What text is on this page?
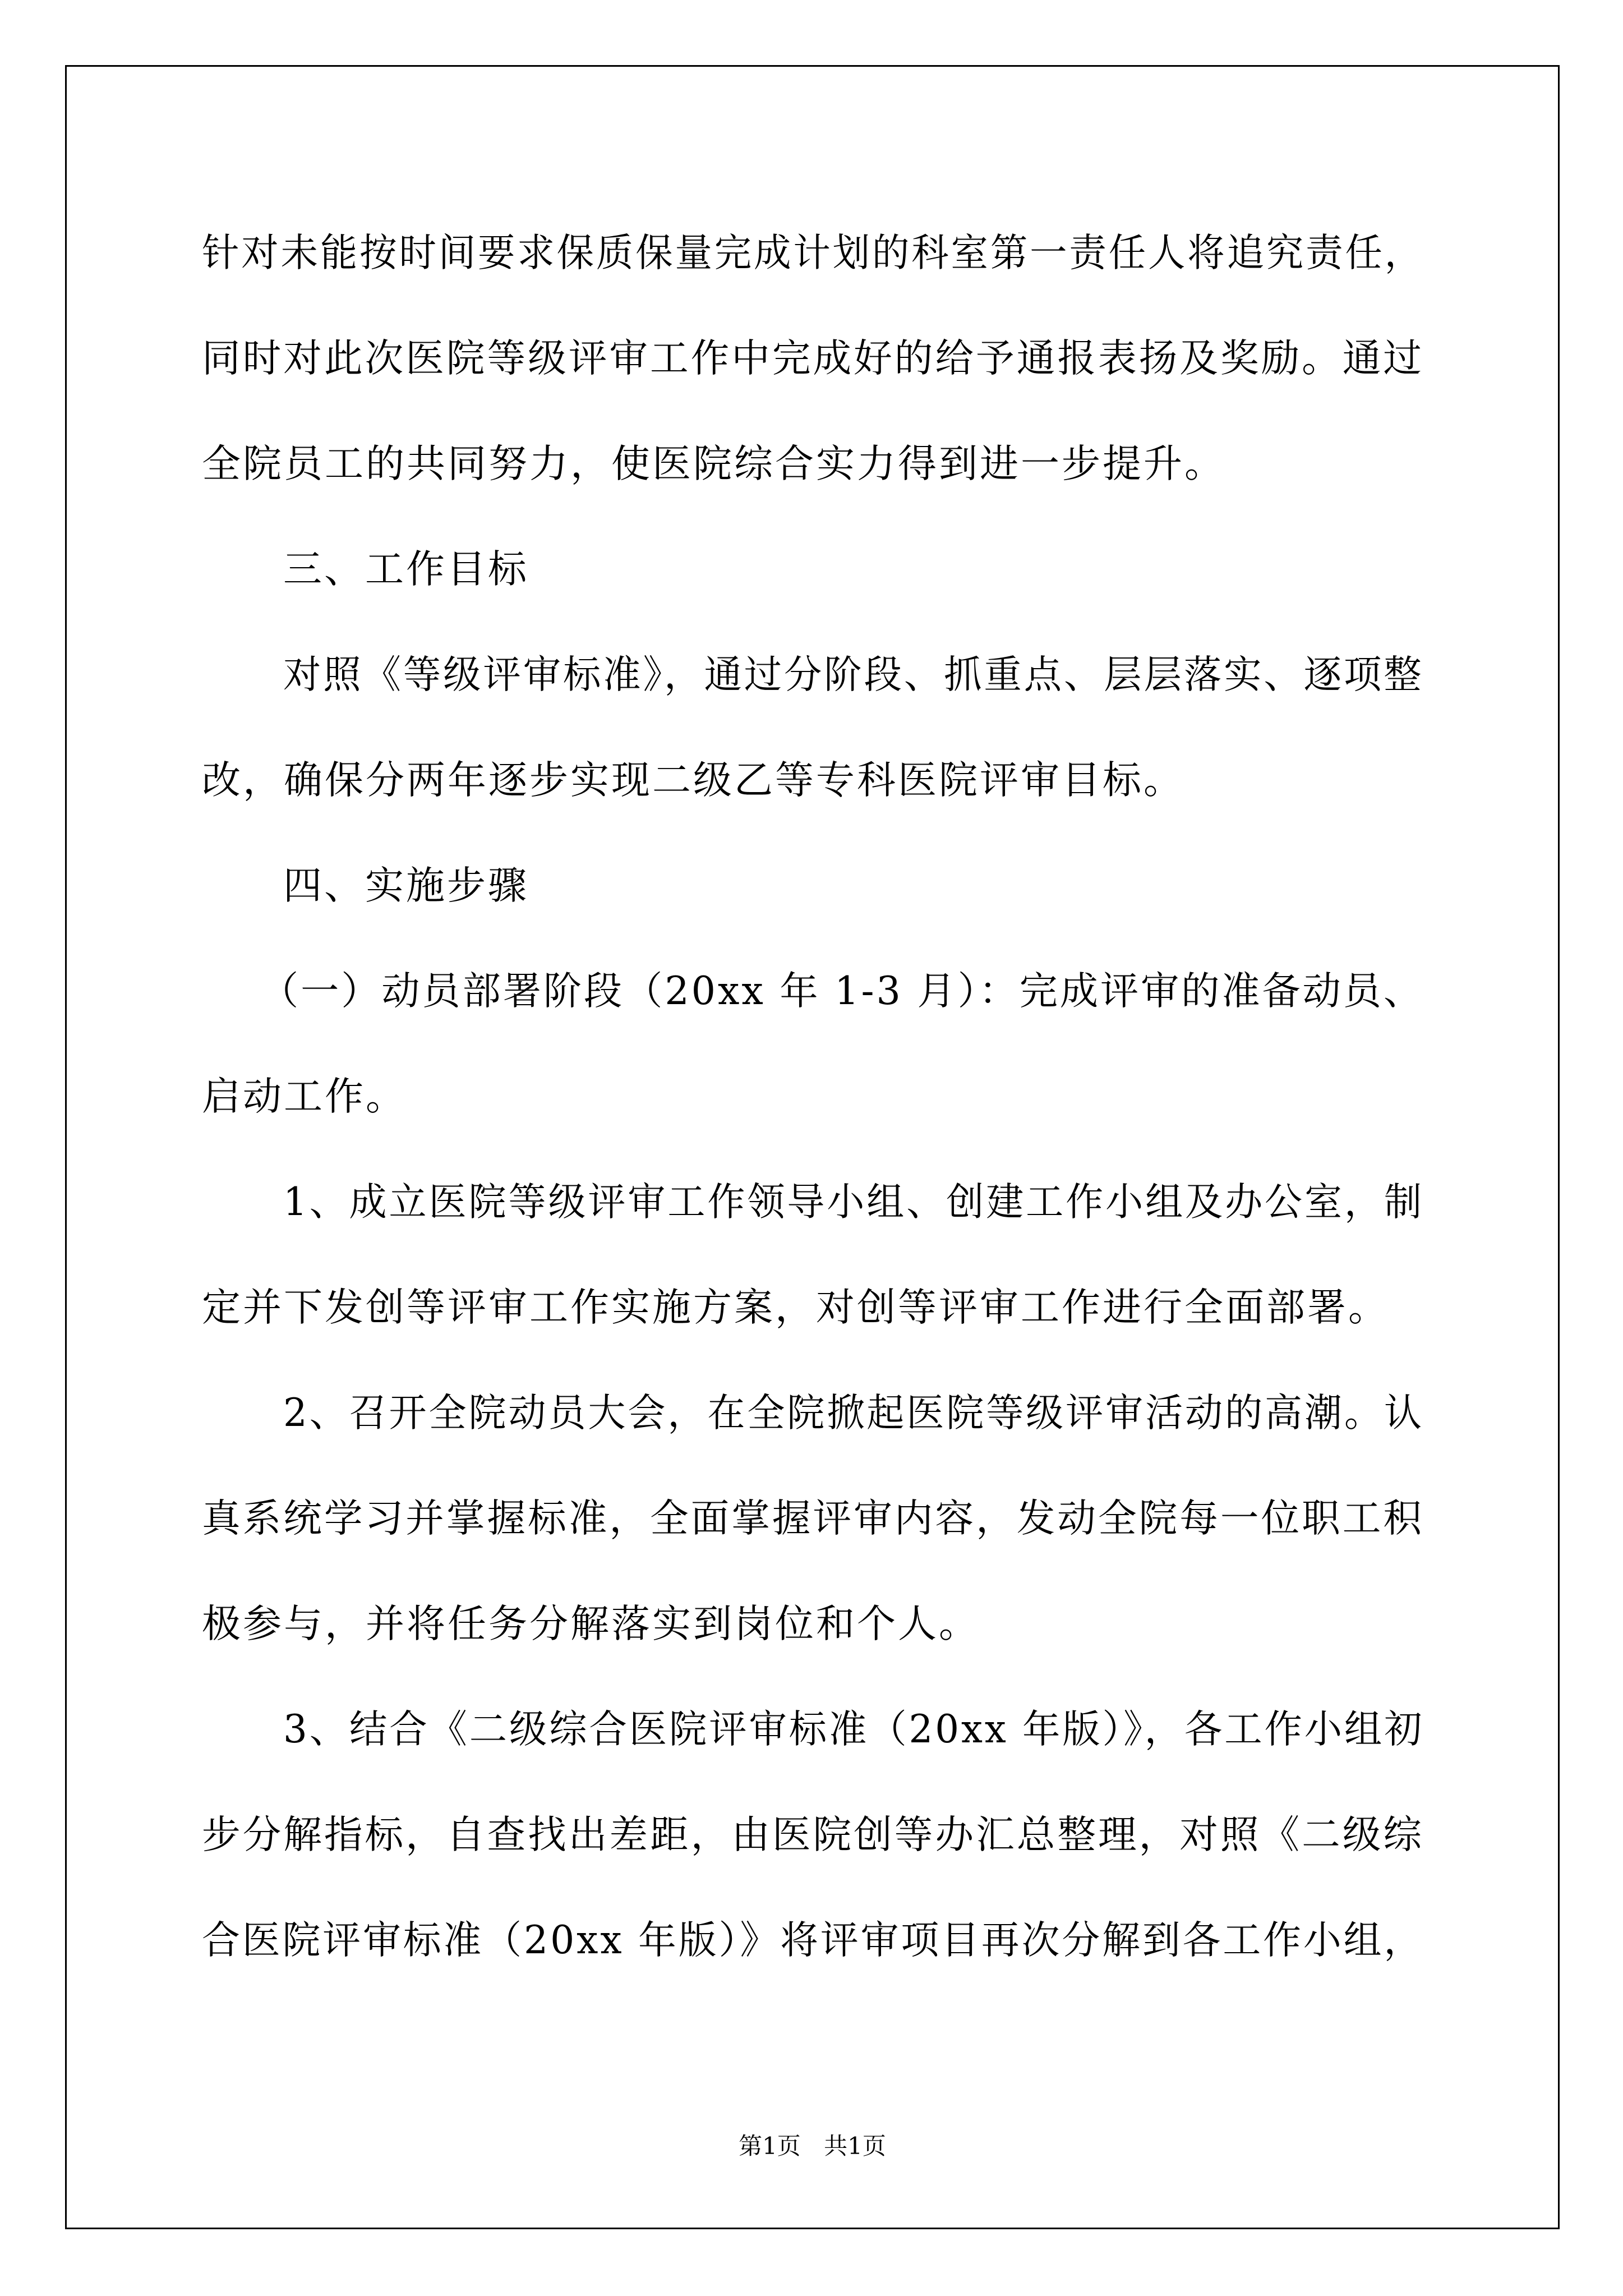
针对未能按时间要求保质保量完成计划的科室第一责任人将追究责任，

同时对此次医院等级评审工作中完成好的给予通报表扬及奖励。通过

全院员工的共同努力，使医院综合实力得到进一步提升。

三、工作目标

对照《等级评审标准》，通过分阶段、抓重点、层层落实、逐项整

改，确保分两年逐步实现二级乙等专科医院评审目标。

四、实施步骤

（一）动员部署阶段（20xx 年 1-3 月）：完成评审的准备动员、

启动工作。

1、成立医院等级评审工作领导小组、创建工作小组及办公室，制

定并下发创等评审工作实施方案，对创等评审工作进行全面部署。

2、召开全院动员大会，在全院掀起医院等级评审活动的高潮。认

真系统学习并掌握标准，全面掌握评审内容，发动全院每一位职工积

极参与，并将任务分解落实到岗位和个人。

3、结合《二级综合医院评审标准（20xx 年版）》，各工作小组初

步分解指标，自查找出差距，由医院创等办汇总整理，对照《二级综

合医院评审标准（20xx 年版）》将评审项目再次分解到各工作小组，

第1页 共1页
